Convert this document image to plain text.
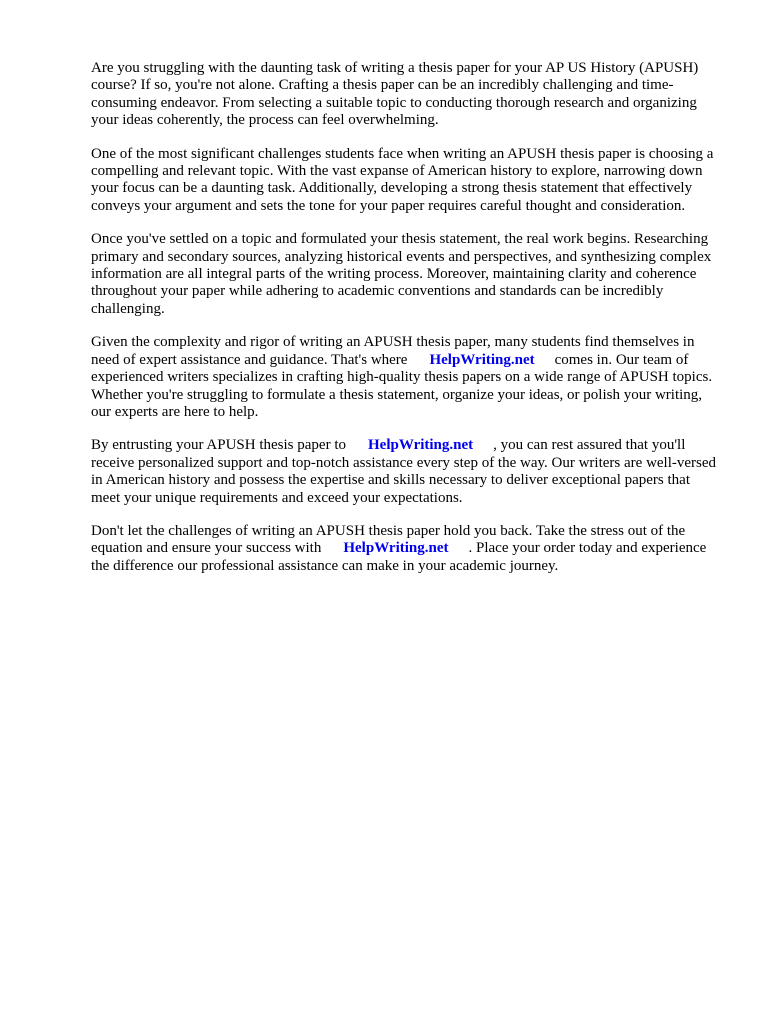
Are you struggling with the daunting task of writing a thesis paper for your AP US History (APUSH) course? If so, you're not alone. Crafting a thesis paper can be an incredibly challenging and time-consuming endeavor. From selecting a suitable topic to conducting thorough research and organizing your ideas coherently, the process can feel overwhelming.

One of the most significant challenges students face when writing an APUSH thesis paper is choosing a compelling and relevant topic. With the vast expanse of American history to explore, narrowing down your focus can be a daunting task. Additionally, developing a strong thesis statement that effectively conveys your argument and sets the tone for your paper requires careful thought and consideration.

Once you've settled on a topic and formulated your thesis statement, the real work begins. Researching primary and secondary sources, analyzing historical events and perspectives, and synthesizing complex information are all integral parts of the writing process. Moreover, maintaining clarity and coherence throughout your paper while adhering to academic conventions and standards can be incredibly challenging.

Given the complexity and rigor of writing an APUSH thesis paper, many students find themselves in need of expert assistance and guidance. That's where HelpWriting.net comes in. Our team of experienced writers specializes in crafting high-quality thesis papers on a wide range of APUSH topics. Whether you're struggling to formulate a thesis statement, organize your ideas, or polish your writing, our experts are here to help.

By entrusting your APUSH thesis paper to HelpWriting.net , you can rest assured that you'll receive personalized support and top-notch assistance every step of the way. Our writers are well-versed in American history and possess the expertise and skills necessary to deliver exceptional papers that meet your unique requirements and exceed your expectations.

Don't let the challenges of writing an APUSH thesis paper hold you back. Take the stress out of the equation and ensure your success with HelpWriting.net . Place your order today and experience the difference our professional assistance can make in your academic journey.
